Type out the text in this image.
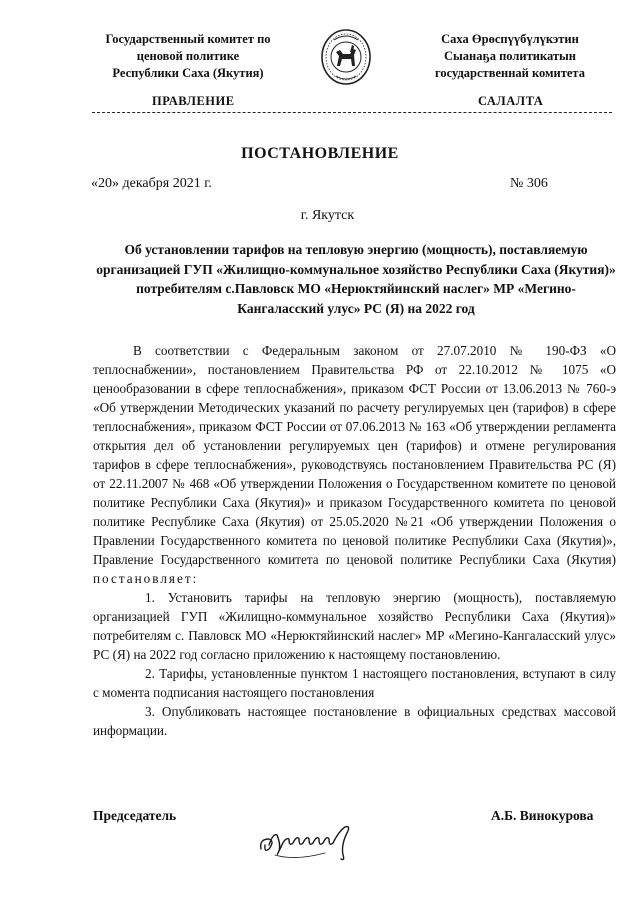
Государственный комитет по
ценовой политике
Республики Саха (Якутия)
Саха Өрөспүүбүлүкэтин
Сыанаҕа политикатын
государственнай комитета
ПРАВЛЕНИЕ	САЛАЛТА
ПОСТАНОВЛЕНИЕ
«20» декабря 2021 г.	№ 306
г. Якутск
Об установлении тарифов на тепловую энергию (мощность), поставляемую организацией ГУП «Жилищно-коммунальное хозяйство Республики Саха (Якутия)» потребителям с.Павловск МО «Нерюктяйинский наслег» МР «Мегино-Кангаласский улус» РС (Я) на 2022 год

В соответствии с Федеральным законом от 27.07.2010 № 190-ФЗ «О теплоснабжении», постановлением Правительства РФ от 22.10.2012 № 1075 «О ценообразовании в сфере теплоснабжения», приказом ФСТ России от 13.06.2013 № 760-э «Об утверждении Методических указаний по расчету регулируемых цен (тарифов) в сфере теплоснабжения», приказом ФСТ России от 07.06.2013 № 163 «Об утверждении регламента открытия дел об установлении регулируемых цен (тарифов) и отмене регулирования тарифов в сфере теплоснабжения», руководствуясь постановлением Правительства РС (Я) от 22.11.2007 № 468 «Об утверждении Положения о Государственном комитете по ценовой политике Республики Саха (Якутия)» и приказом Государственного комитета по ценовой политике Республике Саха (Якутия) от 25.05.2020 №21 «Об утверждении Положения о Правлении Государственного комитета по ценовой политике Республики Саха (Якутия)», Правление Государственного комитета по ценовой политике Республики Саха (Якутия) постановляет:

1. Установить тарифы на тепловую энергию (мощность), поставляемую организацией ГУП «Жилищно-коммунальное хозяйство Республики Саха (Якутия)» потребителям с. Павловск МО «Нерюктяйинский наслег» МР «Мегино-Кангаласский улус» РС (Я) на 2022 год согласно приложению к настоящему постановлению.

2. Тарифы, установленные пунктом 1 настоящего постановления, вступают в силу с момента подписания настоящего постановления

3. Опубликовать настоящее постановление в официальных средствах массовой информации.

Председатель	А.Б. Винокурова
